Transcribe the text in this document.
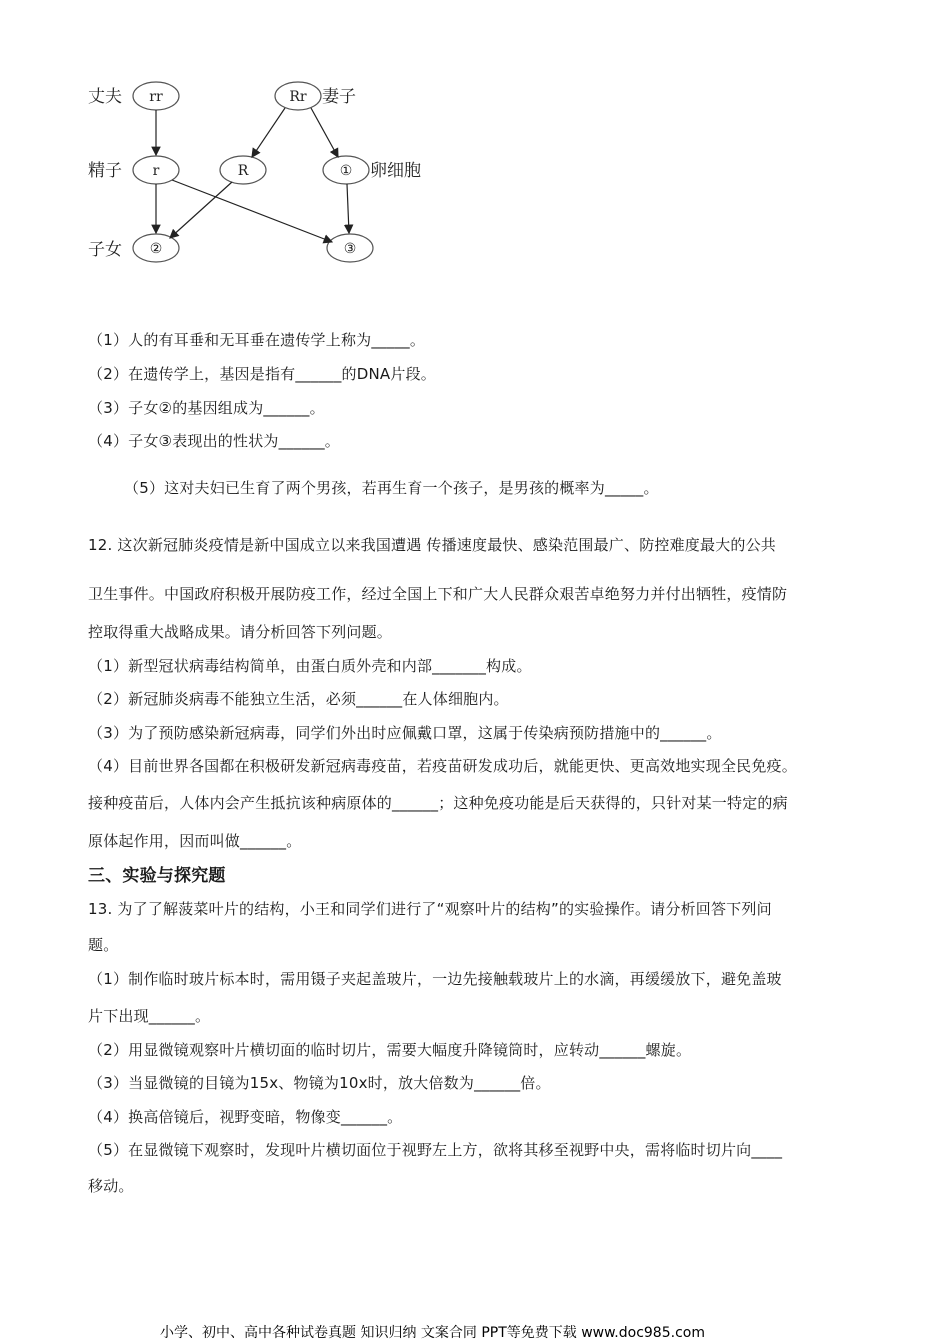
丈夫	妻子
精子	卵细胞
子女
rr	Rr
r	R	①
②	③
（1）人的有耳垂和无耳垂在遗传学上称为_____。
（2）在遗传学上，基因是指有______的DNA片段。
（3）子女②的基因组成为______。
（4）子女③表现出的性状为______。
（5）这对夫妇已生育了两个男孩，若再生育一个孩子，是男孩的概率为_____。
12. 这次新冠肺炎疫情是新中国成立以来我国遭遇 传播速度最快、感染范围最广、防控难度最大的公共
卫生事件。中国政府积极开展防疫工作，经过全国上下和广大人民群众艰苦卓绝努力并付出牺牲，疫情防
控取得重大战略成果。请分析回答下列问题。
（1）新型冠状病毒结构简单，由蛋白质外壳和内部_______构成。
（2）新冠肺炎病毒不能独立生活，必须______在人体细胞内。
（3）为了预防感染新冠病毒，同学们外出时应佩戴口罩，这属于传染病预防措施中的______。
（4）目前世界各国都在积极研发新冠病毒疫苗，若疫苗研发成功后，就能更快、更高效地实现全民免疫。
接种疫苗后，人体内会产生抵抗该种病原体的______；这种免疫功能是后天获得的，只针对某一特定的病
原体起作用，因而叫做______。
三、实验与探究题
13. 为了了解菠菜叶片的结构，小王和同学们进行了“观察叶片的结构”的实验操作。请分析回答下列问
题。
（1）制作临时玻片标本时，需用镊子夹起盖玻片，一边先接触载玻片上的水滴，再缓缓放下，避免盖玻
片下出现______。
（2）用显微镜观察叶片横切面的临时切片，需要大幅度升降镜筒时，应转动______螺旋。
（3）当显微镜的目镜为15x、物镜为10x时，放大倍数为______倍。
（4）换高倍镜后，视野变暗，物像变______。
（5）在显微镜下观察时，发现叶片横切面位于视野左上方，欲将其移至视野中央，需将临时切片向____
移动。
小学、初中、高中各种试卷真题 知识归纳 文案合同 PPT等免费下载 www.doc985.com
